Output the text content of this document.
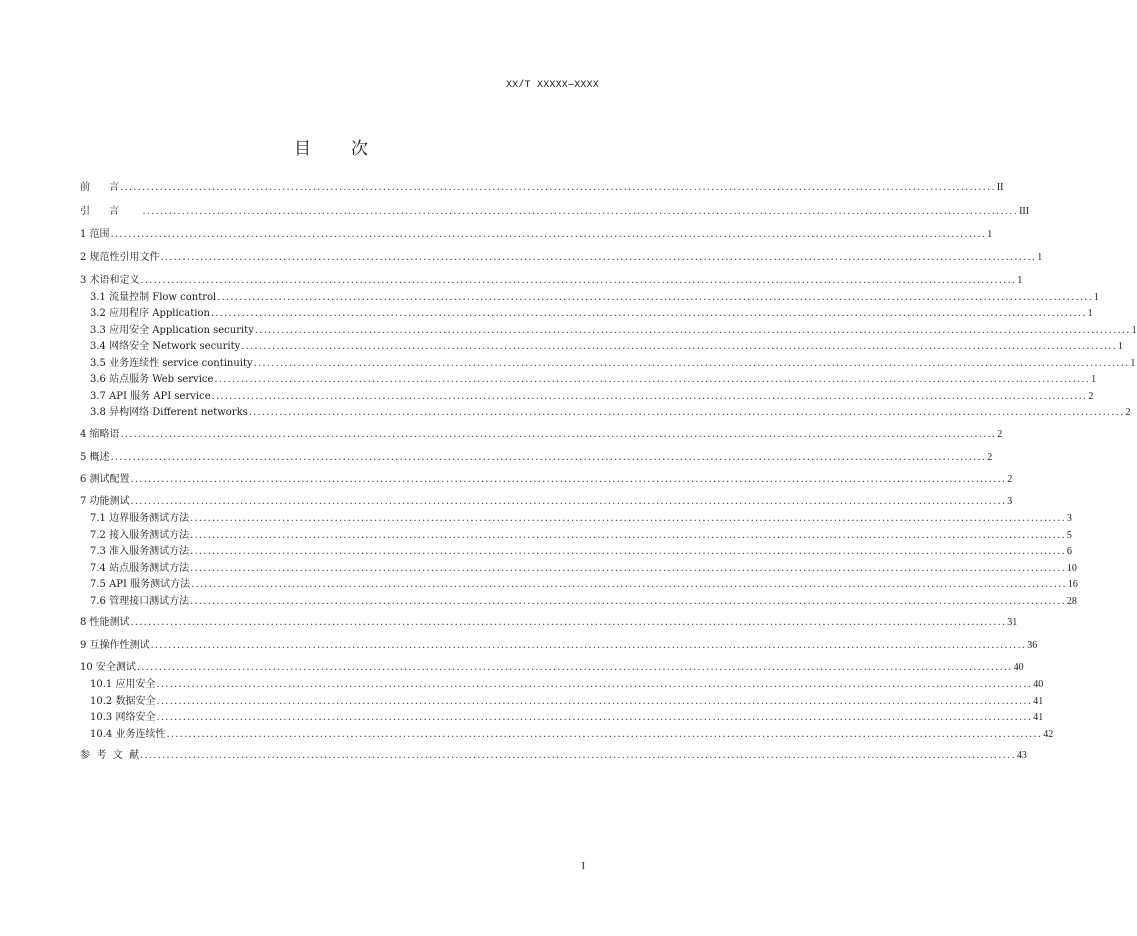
XX/T XXXXX—XXXX
目 次
前      言 ........................................................................................................................................................................................................ II
引      言 ........................................................................................................................................................................................................ III
1 范围 ........................................................................................................................................................................................................ 1
2 规范性引用文件 ........................................................................................................................................................................................................ 1
3 术语和定义 ........................................................................................................................................................................................................ 1
3.1 流量控制 Flow control ........................................................................................................................................................................................................ 1
3.2 应用程序 Application ........................................................................................................................................................................................................ 1
3.3 应用安全 Application security ........................................................................................................................................................................................................ 1
3.4 网络安全 Network security ........................................................................................................................................................................................................ 1
3.5 业务连续性 service continuity ........................................................................................................................................................................................................ 1
3.6 站点服务 Web service ........................................................................................................................................................................................................ 1
3.7 API 服务 API service ........................................................................................................................................................................................................ 2
3.8 异构网络 Different networks ........................................................................................................................................................................................................ 2
4 缩略语 ........................................................................................................................................................................................................ 2
5 概述 ........................................................................................................................................................................................................ 2
6 测试配置 ........................................................................................................................................................................................................ 2
7 功能测试 ........................................................................................................................................................................................................ 3
7.1 边界服务测试方法 ........................................................................................................................................................................................................ 3
7.2 接入服务测试方法 ........................................................................................................................................................................................................ 5
7.3 准入服务测试方法 ........................................................................................................................................................................................................ 6
7.4 站点服务测试方法 ........................................................................................................................................................................................................ 10
7.5 API 服务测试方法 ........................................................................................................................................................................................................ 16
7.6 管理接口测试方法 ........................................................................................................................................................................................................ 28
8 性能测试 ........................................................................................................................................................................................................ 31
9 互操作性测试 ........................................................................................................................................................................................................ 36
10 安全测试 ........................................................................................................................................................................................................ 40
10.1 应用安全 ........................................................................................................................................................................................................ 40
10.2 数据安全 ........................................................................................................................................................................................................ 41
10.3 网络安全 ........................................................................................................................................................................................................ 41
10.4 业务连续性 ........................................................................................................................................................................................................ 42
参  考  文  献 ........................................................................................................................................................................................................ 43
I
